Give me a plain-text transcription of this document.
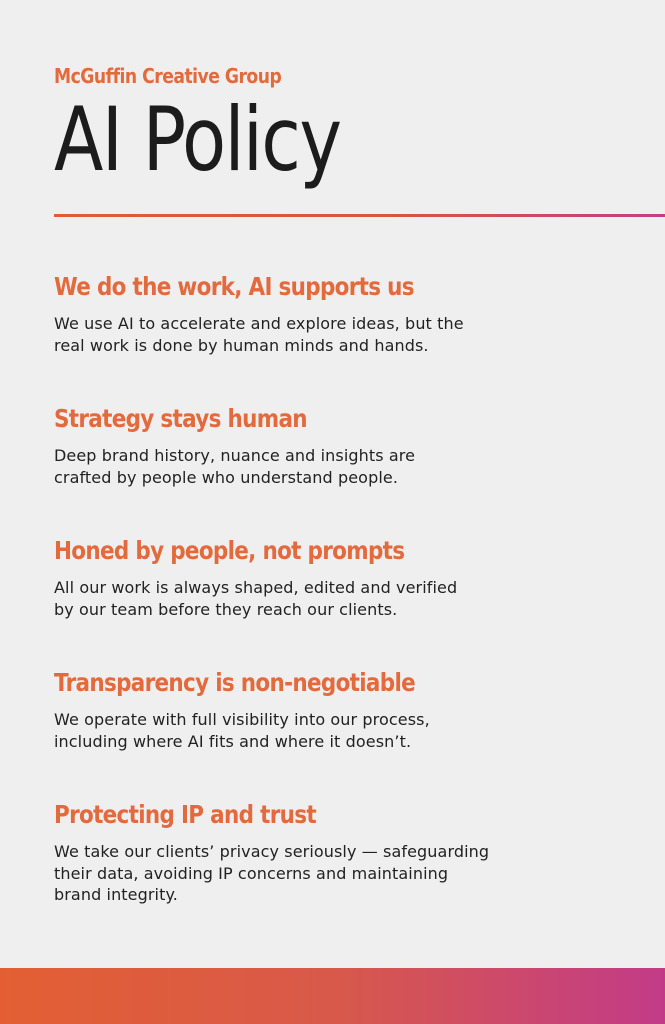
McGuffin Creative Group
AI Policy
We do the work, AI supports us
We use AI to accelerate and explore ideas, but the
real work is done by human minds and hands.
Strategy stays human
Deep brand history, nuance and insights are
crafted by people who understand people.
Honed by people, not prompts
All our work is always shaped, edited and verified
by our team before they reach our clients.
Transparency is non-negotiable
We operate with full visibility into our process,
including where AI fits and where it doesn’t.
Protecting IP and trust
We take our clients’ privacy seriously — safeguarding
their data, avoiding IP concerns and maintaining
brand integrity.
